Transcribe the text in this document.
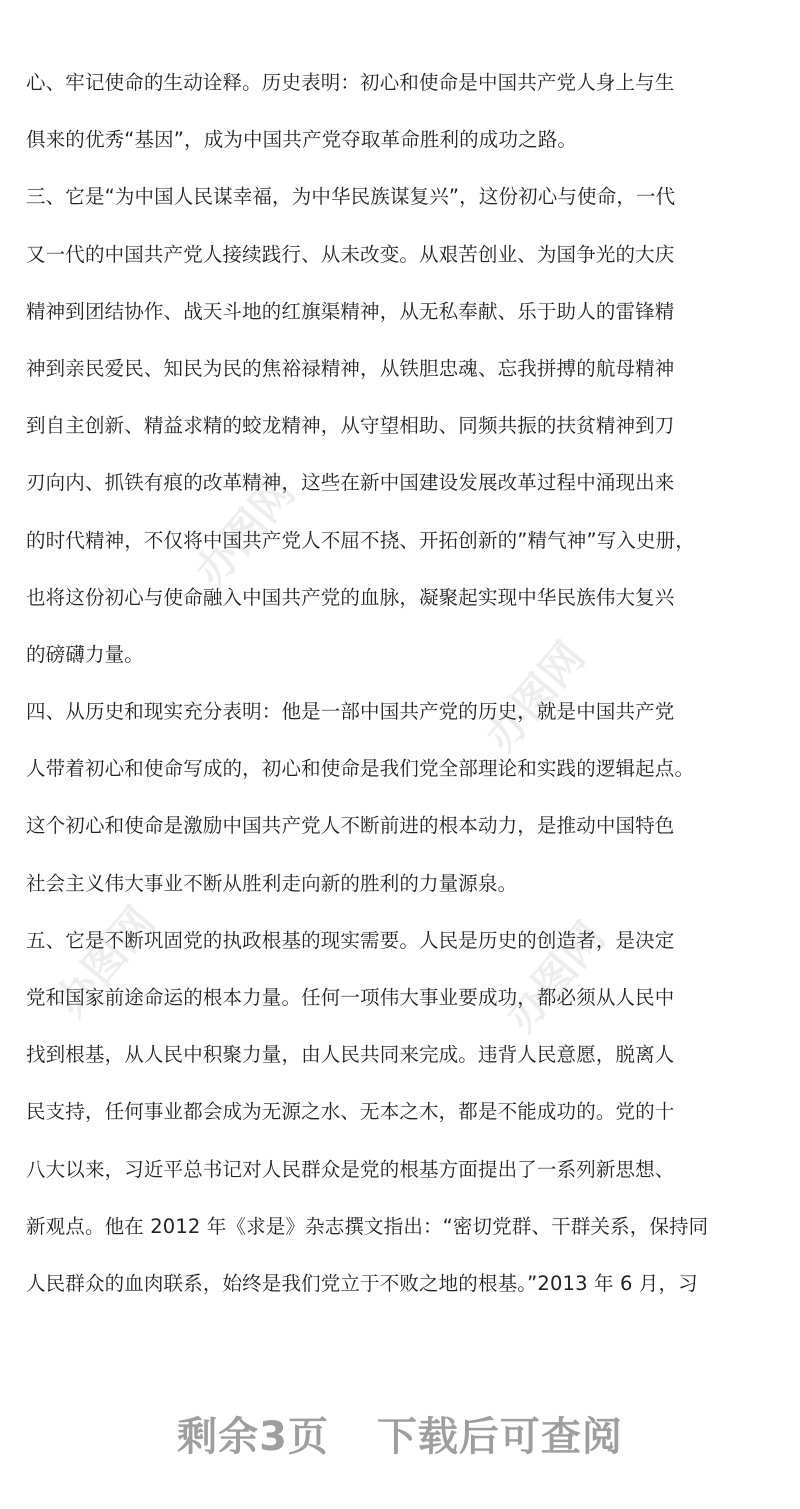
办图网
办图网
办图网	办图网
心、牢记使命的生动诠释。历史表明：初心和使命是中国共产党人身上与生
俱来的优秀“基因”，成为中国共产党夺取革命胜利的成功之路。
三、它是“为中国人民谋幸福，为中华民族谋复兴”，这份初心与使命，一代
又一代的中国共产党人接续践行、从未改变。从艰苦创业、为国争光的大庆
精神到团结协作、战天斗地的红旗渠精神，从无私奉献、乐于助人的雷锋精
神到亲民爱民、知民为民的焦裕禄精神，从铁胆忠魂、忘我拼搏的航母精神
到自主创新、精益求精的蛟龙精神，从守望相助、同频共振的扶贫精神到刀
刃向内、抓铁有痕的改革精神，这些在新中国建设发展改革过程中涌现出来
的时代精神，不仅将中国共产党人不屈不挠、开拓创新的”精气神”写入史册，
也将这份初心与使命融入中国共产党的血脉，凝聚起实现中华民族伟大复兴
的磅礴力量。
四、从历史和现实充分表明：他是一部中国共产党的历史，就是中国共产党
人带着初心和使命写成的，初心和使命是我们党全部理论和实践的逻辑起点。
这个初心和使命是激励中国共产党人不断前进的根本动力，是推动中国特色
社会主义伟大事业不断从胜利走向新的胜利的力量源泉。
五、它是不断巩固党的执政根基的现实需要。人民是历史的创造者，是决定
党和国家前途命运的根本力量。任何一项伟大事业要成功，都必须从人民中
找到根基，从人民中积聚力量，由人民共同来完成。违背人民意愿，脱离人
民支持，任何事业都会成为无源之水、无本之木，都是不能成功的。党的十
八大以来，习近平总书记对人民群众是党的根基方面提出了一系列新思想、
新观点。他在 2012 年《求是》杂志撰文指出：“密切党群、干群关系，保持同
人民群众的血肉联系，始终是我们党立于不败之地的根基。”2013 年 6 月，习
剩余3页 下载后可查阅
